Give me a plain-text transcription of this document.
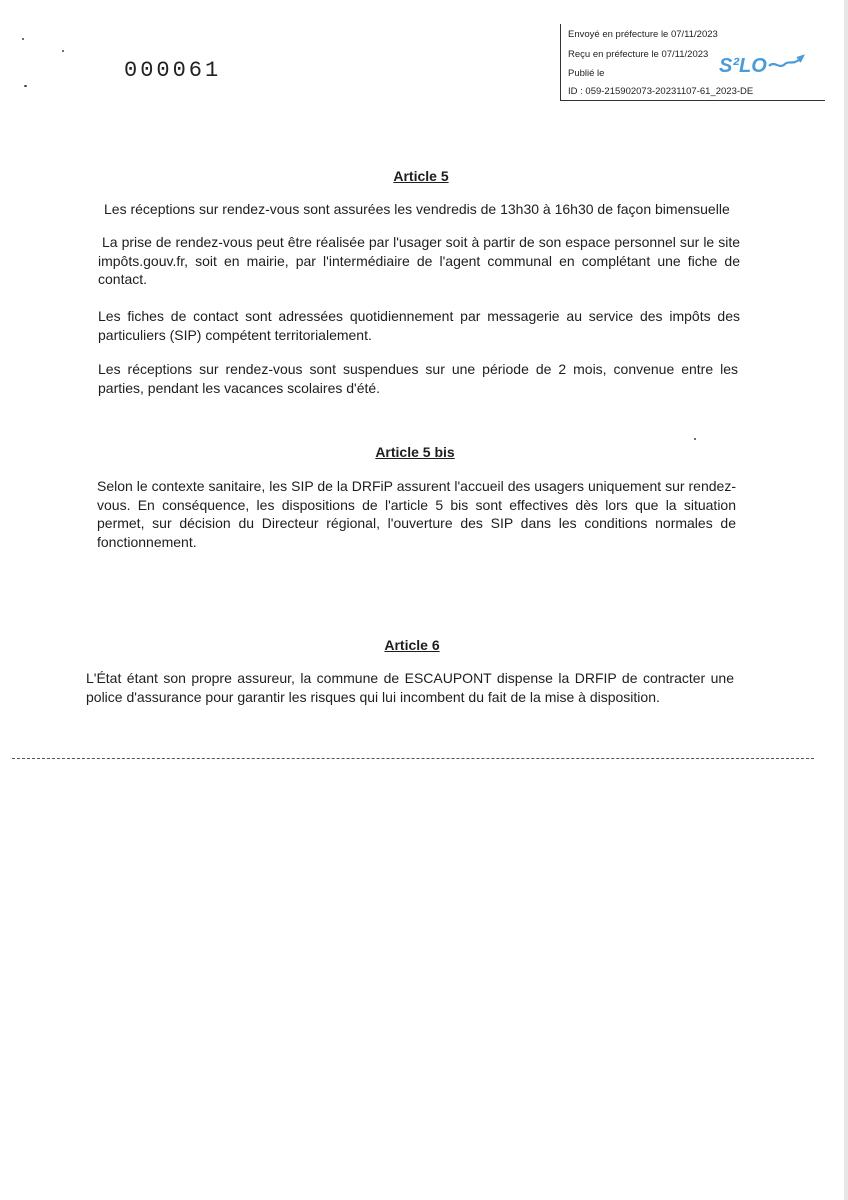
000061
Envoyé en préfecture le 07/11/2023
Reçu en préfecture le 07/11/2023
Publié le
ID : 059-215902073-20231107-61_2023-DE
S²LO
Article 5
Les réceptions sur rendez-vous sont assurées les vendredis de 13h30 à 16h30 de façon bimensuelle
La prise de rendez-vous peut être réalisée par l'usager soit à partir de son espace personnel sur le site impôts.gouv.fr, soit en mairie, par l'intermédiaire de l'agent communal en complétant une fiche de contact.
Les fiches de contact sont adressées quotidiennement par messagerie au service des impôts des particuliers (SIP) compétent territorialement.
Les réceptions sur rendez-vous sont suspendues sur une période de 2 mois, convenue entre les parties, pendant les vacances scolaires d'été.
Article 5 bis
Selon le contexte sanitaire, les SIP de la DRFiP assurent l'accueil des usagers uniquement sur rendez-vous. En conséquence, les dispositions de l'article 5 bis sont effectives dès lors que la situation permet, sur décision du Directeur régional, l'ouverture des SIP dans les conditions normales de fonctionnement.
Article 6
L'État étant son propre assureur, la commune de ESCAUPONT dispense la DRFIP de contracter une police d'assurance pour garantir les risques qui lui incombent du fait de la mise à disposition.
